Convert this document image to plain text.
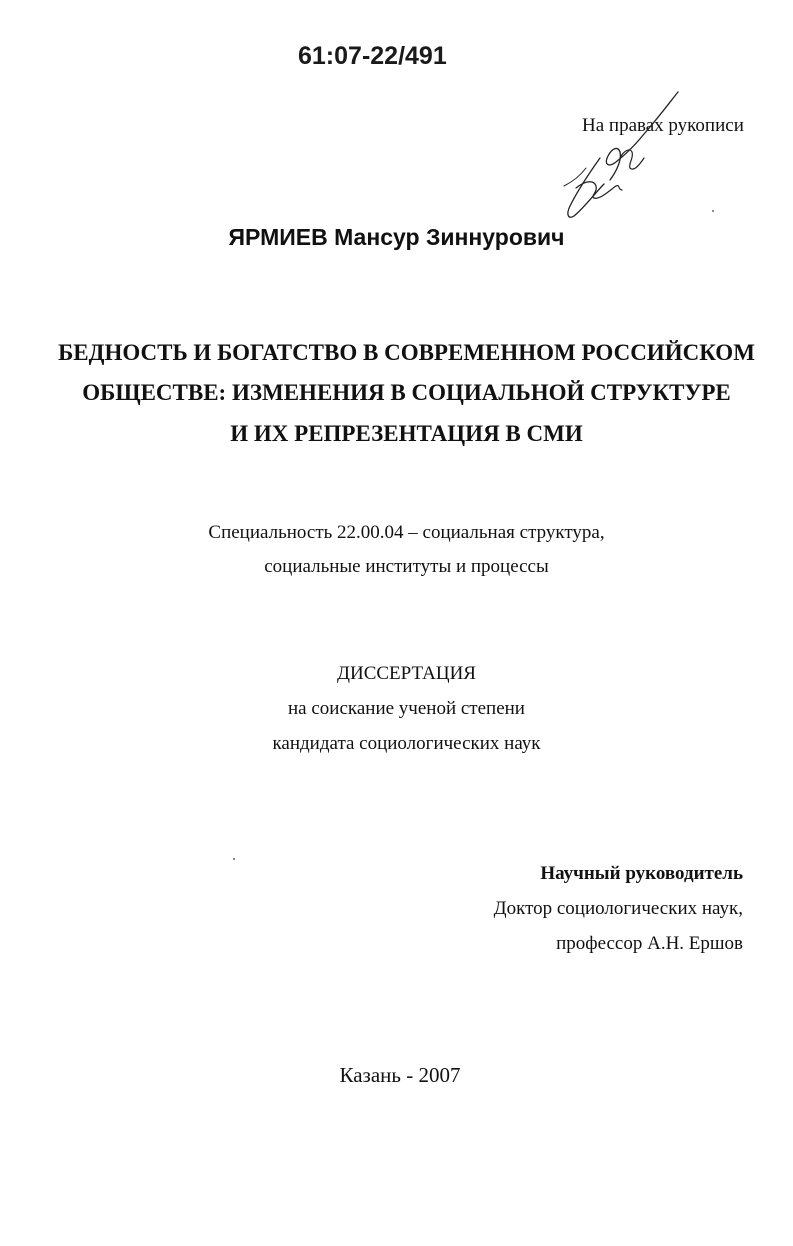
61:07-22/491
На правах рукописи
ЯРМИЕВ Мансур Зиннурович
БЕДНОСТЬ И БОГАТСТВО В СОВРЕМЕННОМ РОССИЙСКОМ
ОБЩЕСТВЕ: ИЗМЕНЕНИЯ В СОЦИАЛЬНОЙ СТРУКТУРЕ
И ИХ РЕПРЕЗЕНТАЦИЯ В СМИ
Специальность 22.00.04 – социальная структура,
социальные институты и процессы
ДИССЕРТАЦИЯ
на соискание ученой степени
кандидата социологических наук
Научный руководитель
Доктор социологических наук,
профессор А.Н. Ершов
Казань - 2007
